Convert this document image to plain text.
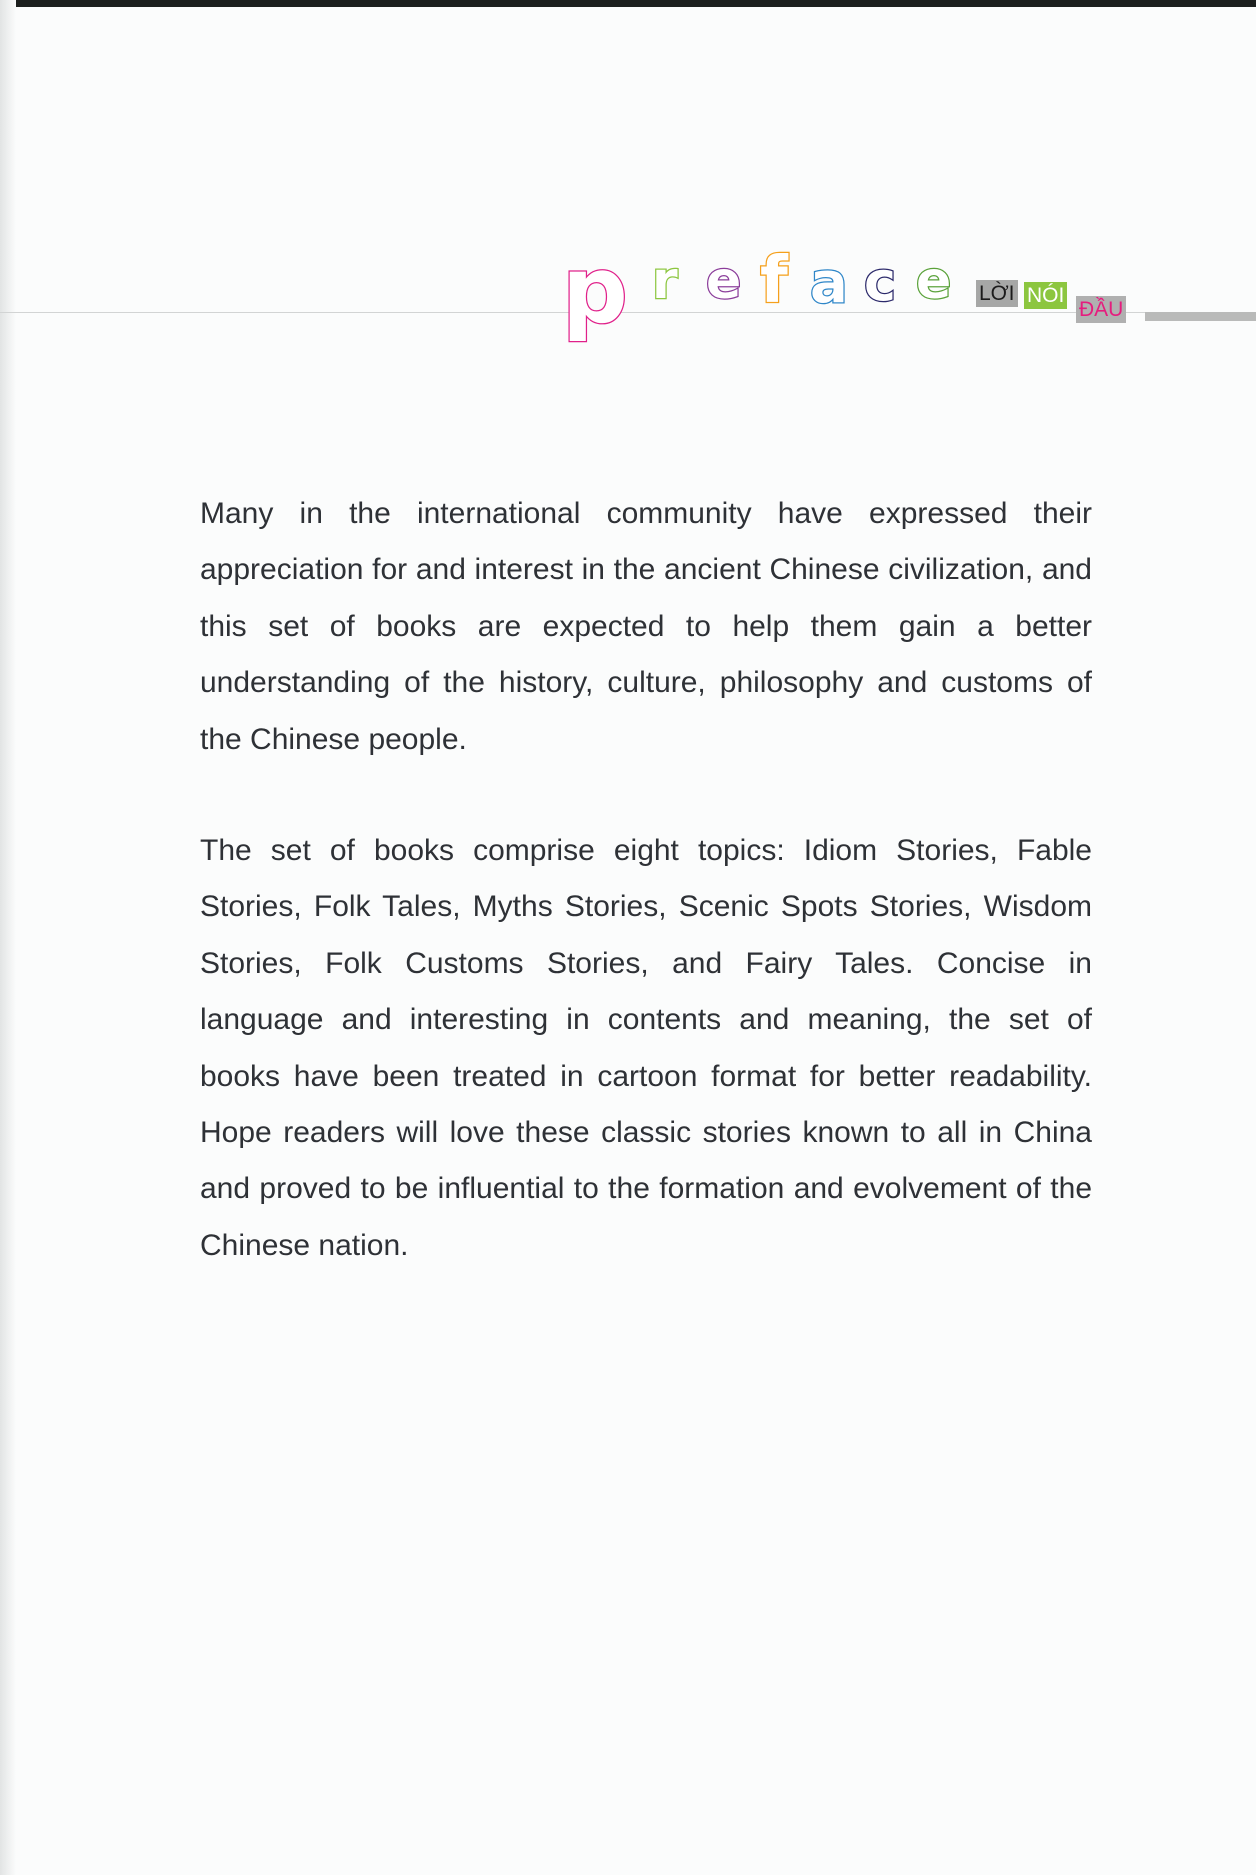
p r e f a c e LỜI NÓI
ĐẦU

Many in the international community have expressed their appreciation for and interest in the ancient Chinese civilization, and this set of books are expected to help them gain a better understanding of the history, culture, philosophy and customs of the Chinese people.

The set of books comprise eight topics: Idiom Stories, Fable Stories, Folk Tales, Myths Stories, Scenic Spots Stories, Wisdom Stories, Folk Customs Stories, and Fairy Tales. Concise in language and interesting in contents and meaning, the set of books have been treated in cartoon format for better readability. Hope readers will love these classic stories known to all in China and proved to be influential to the formation and evolvement of the Chinese nation.
